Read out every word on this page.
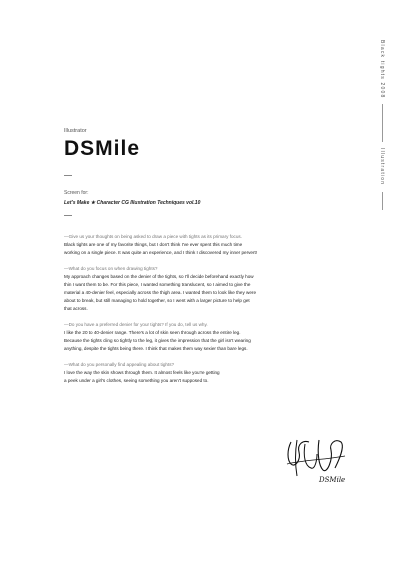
Black tights 2008
Illustration
Illustrator
DSMile
Screen for:
Let's Make ★ Character CG Illustration Techniques vol.10
—Give us your thoughts on being asked to draw a piece with tights as its primary focus.
Black tights are one of my favorite things, but I don't think I've ever spent this much time
working on a single piece. It was quite an experience, and I think I discovered my inner pervert!
—What do you focus on when drawing tights?
My approach changes based on the denier of the tights, so I'll decide beforehand exactly how
thin I want them to be. For this piece, I wanted something translucent, so I aimed to give the
material a 40-denier feel, especially across the thigh area. I wanted them to look like they were
about to break, but still managing to hold together, so I went with a larger picture to help get
that across.
—Do you have a preferred denier for your tights? If you do, tell us why.
I like the 20 to 40-denier range. There's a lot of skin seen through across the entire leg.
Because the tights cling so tightly to the leg, it gives the impression that the girl isn't wearing
anything, despite the tights being there. I think that makes them way sexier than bare legs.
—What do you personally find appealing about tights?
I love the way the skin shows through them. It almost feels like you're getting
a peek under a girl's clothes, seeing something you aren't supposed to.
DSMile
